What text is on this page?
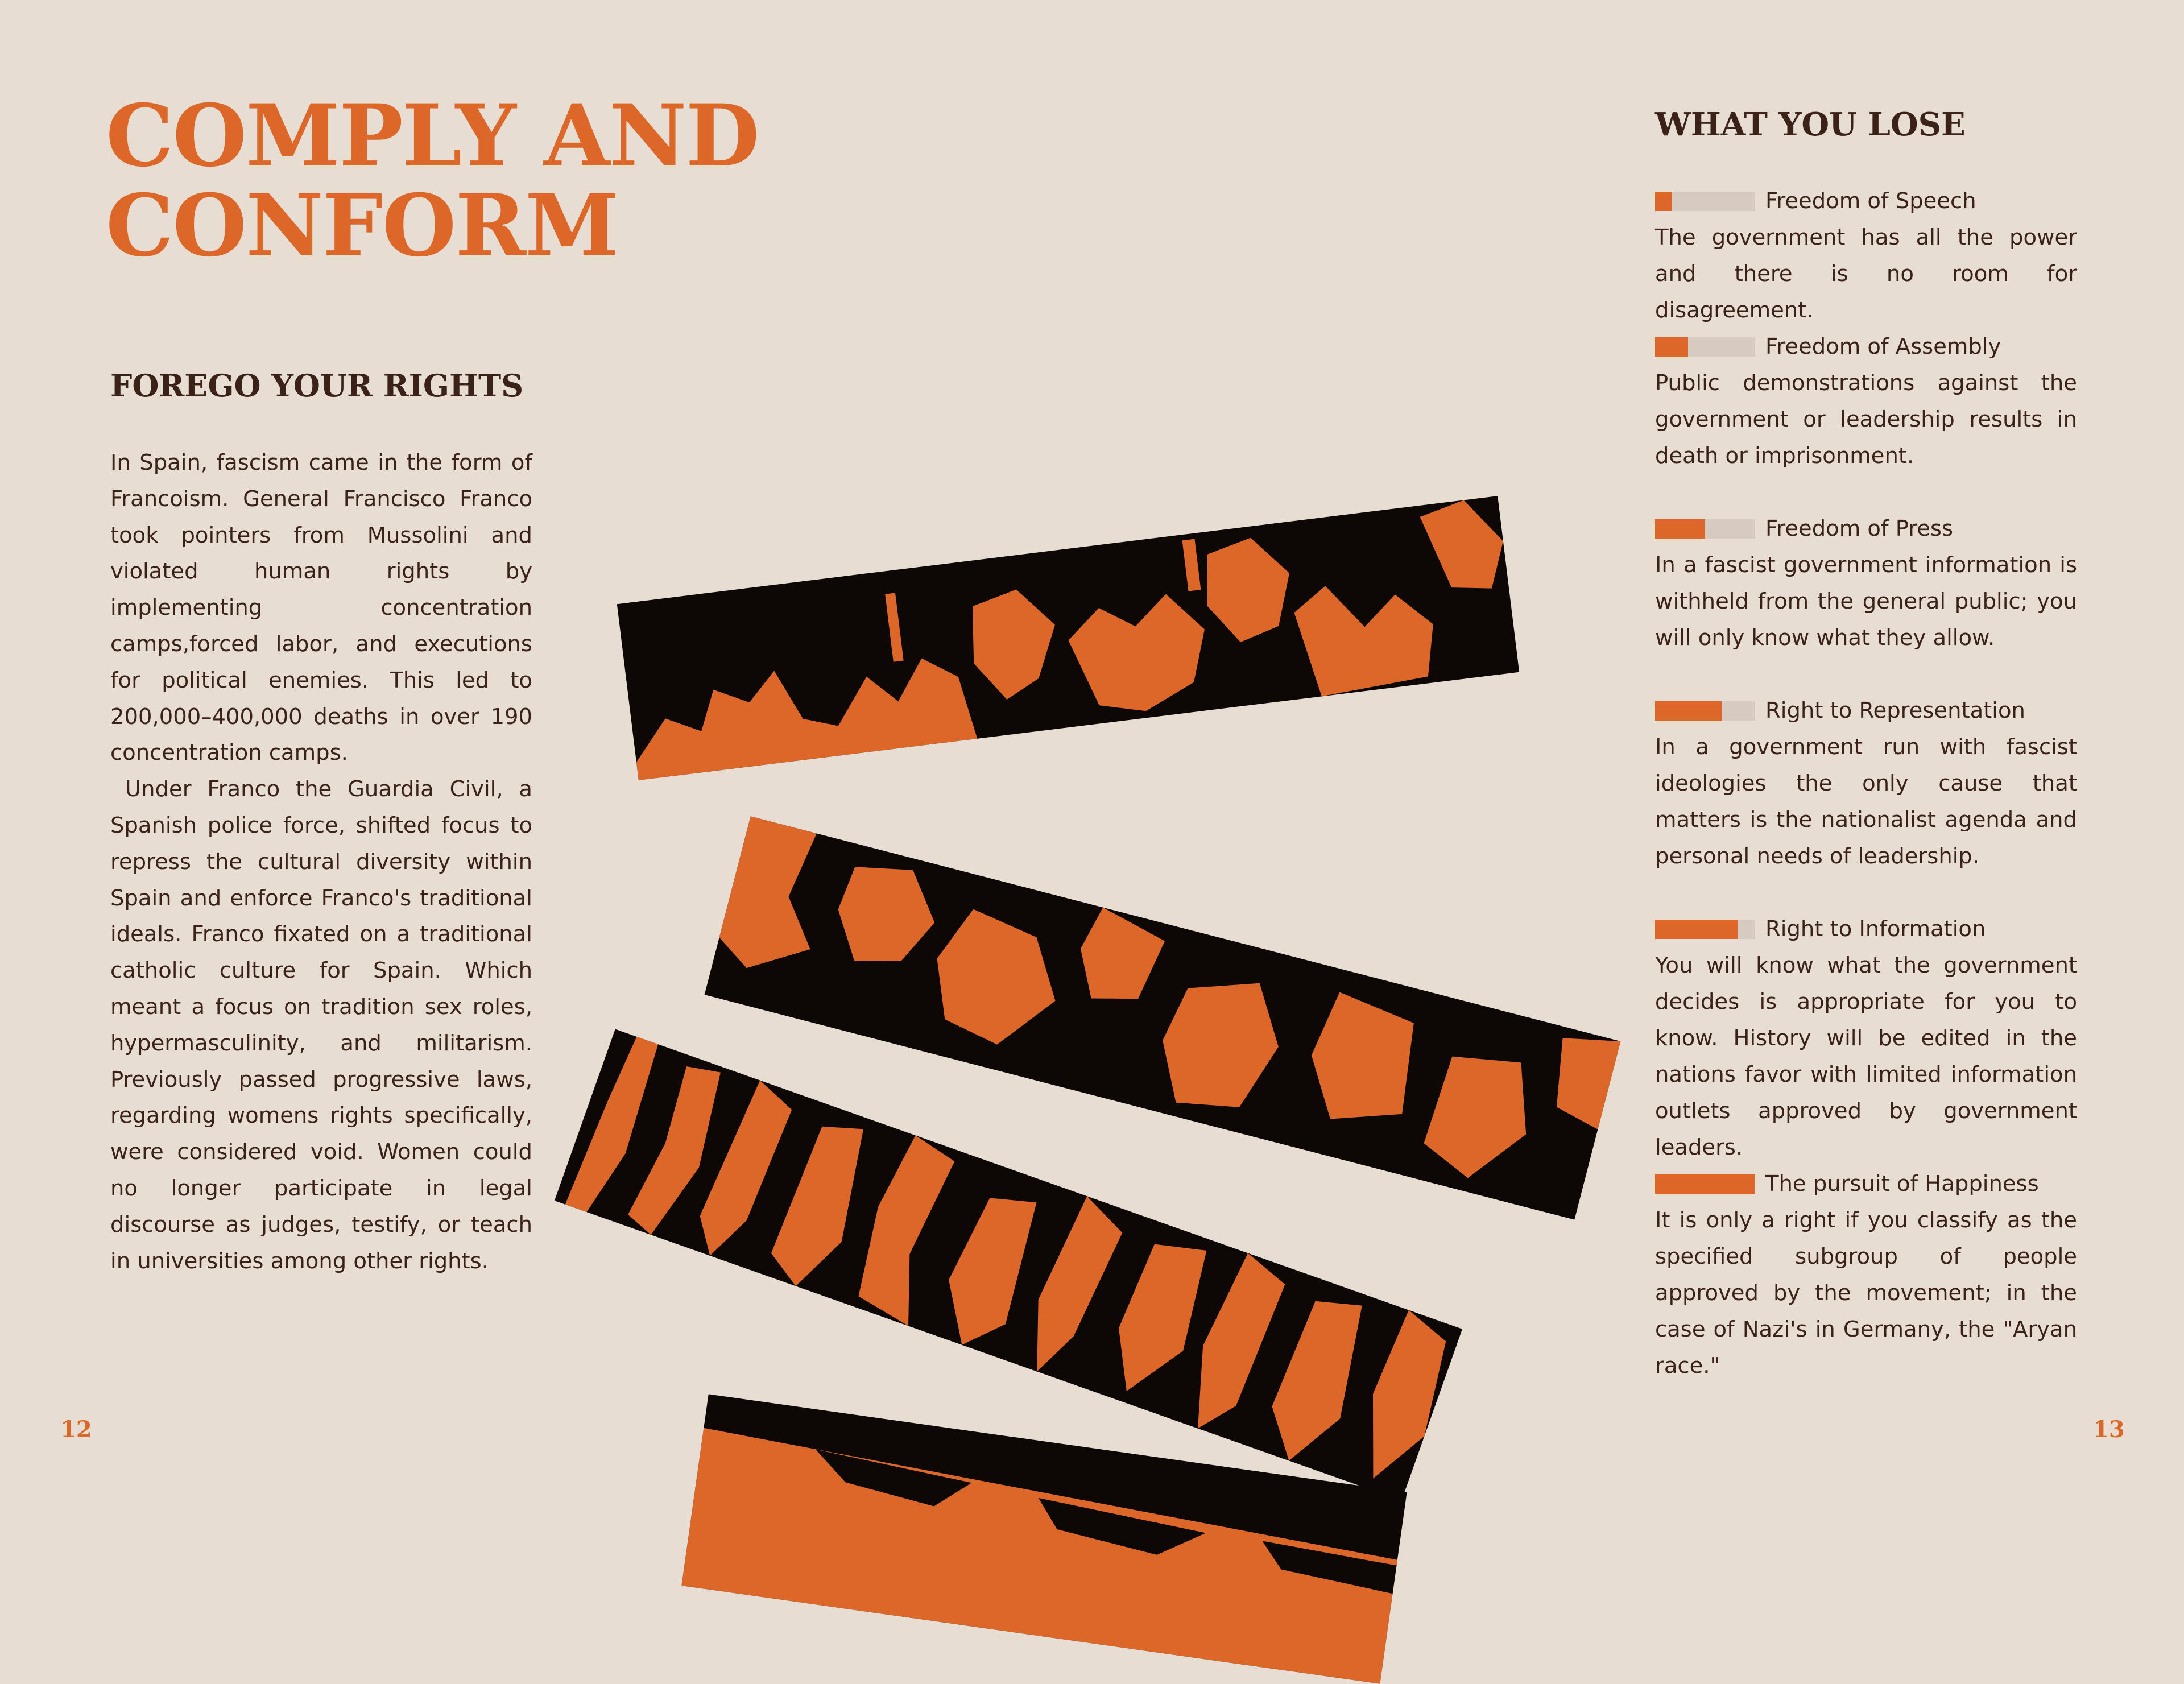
COMPLY AND CONFORM
FOREGO YOUR RIGHTS

In Spain, fascism came in the form of Francoism. General Francisco Franco took pointers from Mussolini and violated human rights by implementing concentration camps,forced labor, and executions for political enemies. This led to 200,000–400,000 deaths in over 190 concentration camps.

Under Franco the Guardia Civil, a Spanish police force, shifted focus to repress the cultural diversity within Spain and enforce Franco's traditional ideals. Franco fixated on a traditional catholic culture for Spain. Which meant a focus on tradition sex roles, hypermasculinity, and militarism. Previously passed progressive laws, regarding womens rights specifically, were considered void. Women could no longer participate in legal discourse as judges, testify, or teach in universities among other rights.

WHAT YOU LOSE
Freedom of Speech

The government has all the power and there is no room for disagreement.

Freedom of Assembly

Public demonstrations against the government or leadership results in death or imprisonment.

Freedom of Press

In a fascist government information is withheld from the general public; you will only know what they allow.

Right to Representation

In a government run with fascist ideologies the only cause that matters is the nationalist agenda and personal needs of leadership.

Right to Information

You will know what the government decides is appropriate for you to know. History will be edited in the nations favor with limited information outlets approved by government leaders.

The pursuit of Happiness

It is only a right if you classify as the specified subgroup of people approved by the movement; in the case of Nazi's in Germany, the "Aryan race."

12	13
